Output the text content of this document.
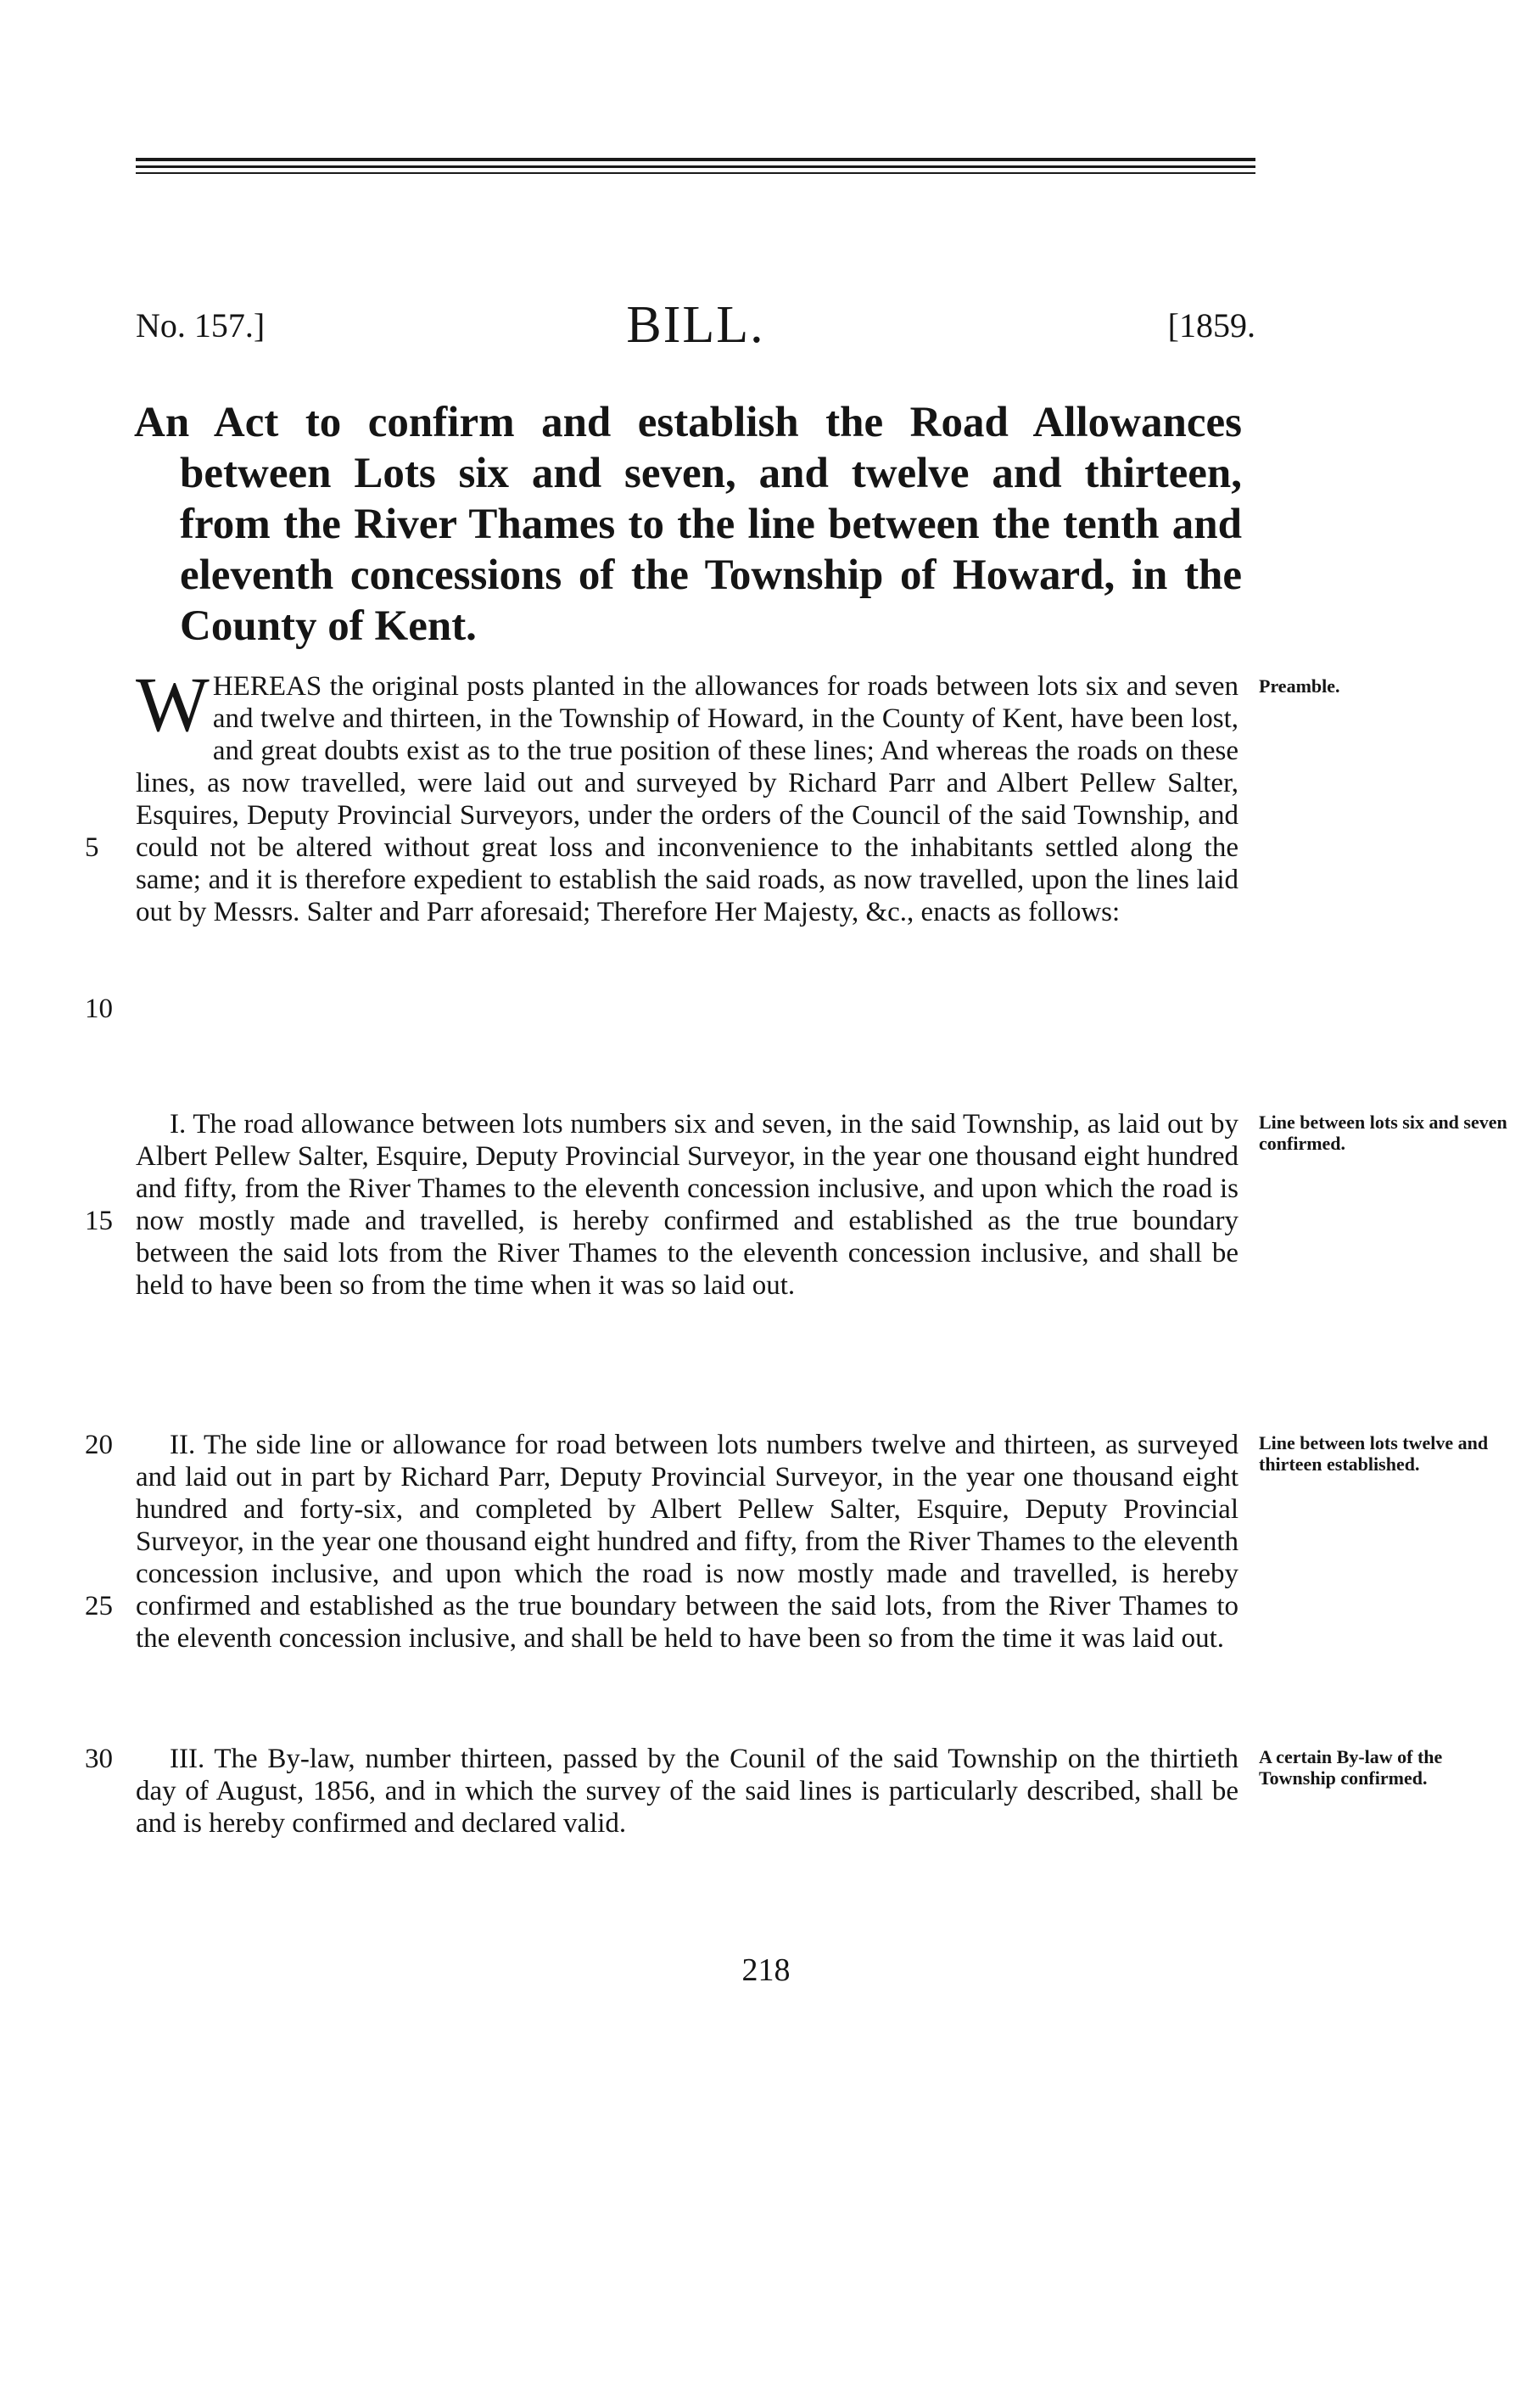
No. 157.]	BILL.	[1859.
An Act to confirm and establish the Road Allowances between Lots six and seven, and twelve and thirteen, from the River Thames to the line between the tenth and eleventh concessions of the Township of Howard, in the County of Kent.

WHEREAS the original posts planted in the allowances for roads between lots six and seven and twelve and thirteen, in the Township of Howard, in the County of Kent, have been lost, and great doubts exist as to the true position of these lines; And whereas the roads on these lines, as now travelled, were laid out and surveyed by Richard Parr and Albert Pellew Salter, Esquires, Deputy Provincial Surveyors, under the orders of the Council of the said Township, and could not be altered without great loss and inconvenience to the inhabitants settled along the same; and it is therefore expedient to establish the said roads, as now travelled, upon the lines laid out by Messrs. Salter and Parr aforesaid; Therefore Her Majesty, &c., enacts as follows:

Preamble.

I. The road allowance between lots numbers six and seven, in the said Township, as laid out by Albert Pellew Salter, Esquire, Deputy Provincial Surveyor, in the year one thousand eight hundred and fifty, from the River Thames to the eleventh concession inclusive, and upon which the road is now mostly made and travelled, is hereby confirmed and established as the true boundary between the said lots from the River Thames to the eleventh concession inclusive, and shall be held to have been so from the time when it was so laid out.

Line between lots six and seven confirmed.

II. The side line or allowance for road between lots numbers twelve and thirteen, as surveyed and laid out in part by Richard Parr, Deputy Provincial Surveyor, in the year one thousand eight hundred and forty-six, and completed by Albert Pellew Salter, Esquire, Deputy Provincial Surveyor, in the year one thousand eight hundred and fifty, from the River Thames to the eleventh concession inclusive, and upon which the road is now mostly made and travelled, is hereby confirmed and established as the true boundary between the said lots, from the River Thames to the eleventh concession inclusive, and shall be held to have been so from the time it was laid out.

Line between lots twelve and thirteen established.

III. The By-law, number thirteen, passed by the Counil of the said Township on the thirtieth day of August, 1856, and in which the survey of the said lines is particularly described, shall be and is hereby confirmed and declared valid.

A certain By-law of the Township confirmed.
5
10
15
20
25
30
218
